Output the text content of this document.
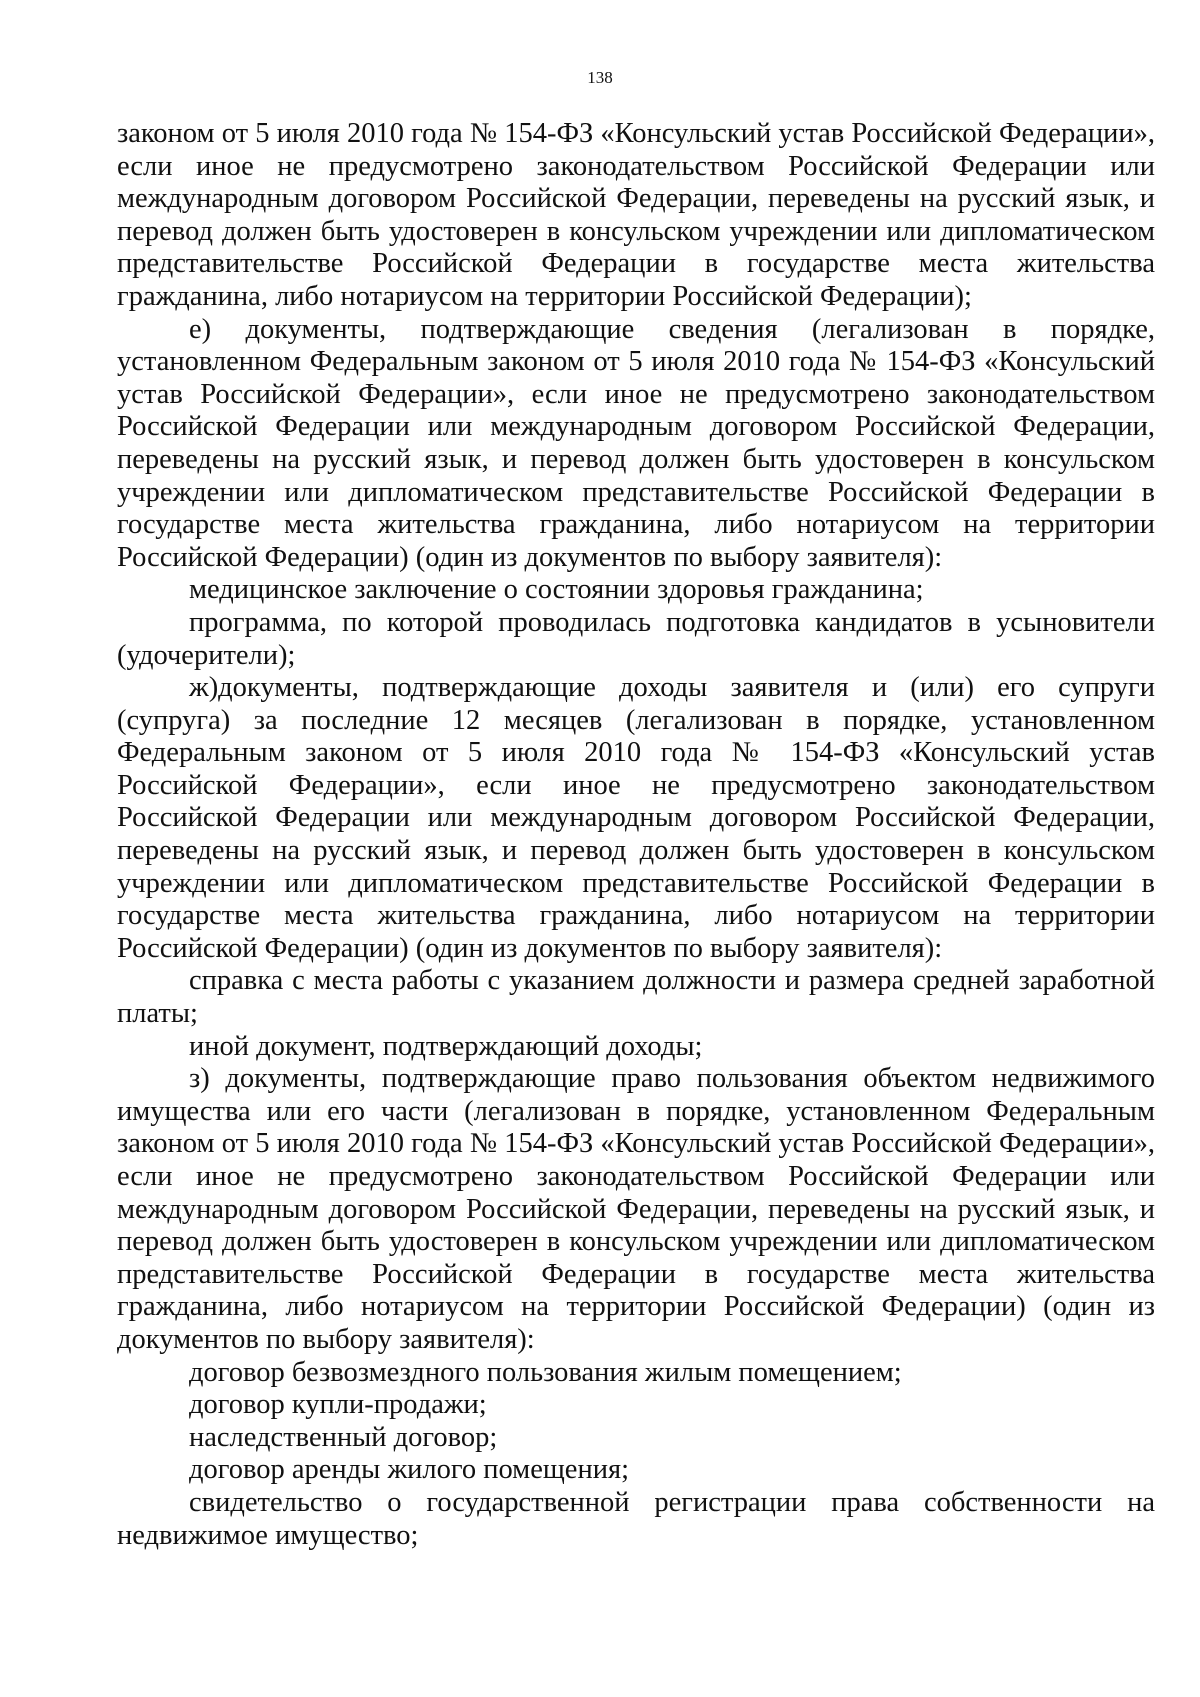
138

законом от 5 июля 2010 года № 154-ФЗ «Консульский устав Российской Федерации», если иное не предусмотрено законодательством Российской Федерации или международным договором Российской Федерации, переведены на русский язык, и перевод должен быть удостоверен в консульском учреждении или дипломатическом представительстве Российской Федерации в государстве места жительства гражданина, либо нотариусом на территории Российской Федерации);

е) документы, подтверждающие сведения (легализован в порядке, установленном Федеральным законом от 5 июля 2010 года № 154-ФЗ «Консульский устав Российской Федерации», если иное не предусмотрено законодательством Российской Федерации или международным договором Российской Федерации, переведены на русский язык, и перевод должен быть удостоверен в консульском учреждении или дипломатическом представительстве Российской Федерации в государстве места жительства гражданина, либо нотариусом на территории Российской Федерации) (один из документов по выбору заявителя):

медицинское заключение о состоянии здоровья гражданина;

программа, по которой проводилась подготовка кандидатов в усыновители (удочерители);

ж)документы, подтверждающие доходы заявителя и (или) его супруги (супруга) за последние 12 месяцев (легализован в порядке, установленном Федеральным законом от 5 июля 2010 года № 154-ФЗ «Консульский устав Российской Федерации», если иное не предусмотрено законодательством Российской Федерации или международным договором Российской Федерации, переведены на русский язык, и перевод должен быть удостоверен в консульском учреждении или дипломатическом представительстве Российской Федерации в государстве места жительства гражданина, либо нотариусом на территории Российской Федерации) (один из документов по выбору заявителя):

справка с места работы с указанием должности и размера средней заработной платы;

иной документ, подтверждающий доходы;

з) документы, подтверждающие право пользования объектом недвижимого имущества или его части (легализован в порядке, установленном Федеральным законом от 5 июля 2010 года № 154-ФЗ «Консульский устав Российской Федерации», если иное не предусмотрено законодательством Российской Федерации или международным договором Российской Федерации, переведены на русский язык, и перевод должен быть удостоверен в консульском учреждении или дипломатическом представительстве Российской Федерации в государстве места жительства гражданина, либо нотариусом на территории Российской Федерации) (один из документов по выбору заявителя):

договор безвозмездного пользования жилым помещением;

договор купли-продажи;

наследственный договор;

договор аренды жилого помещения;

свидетельство о государственной регистрации права собственности на недвижимое имущество;
